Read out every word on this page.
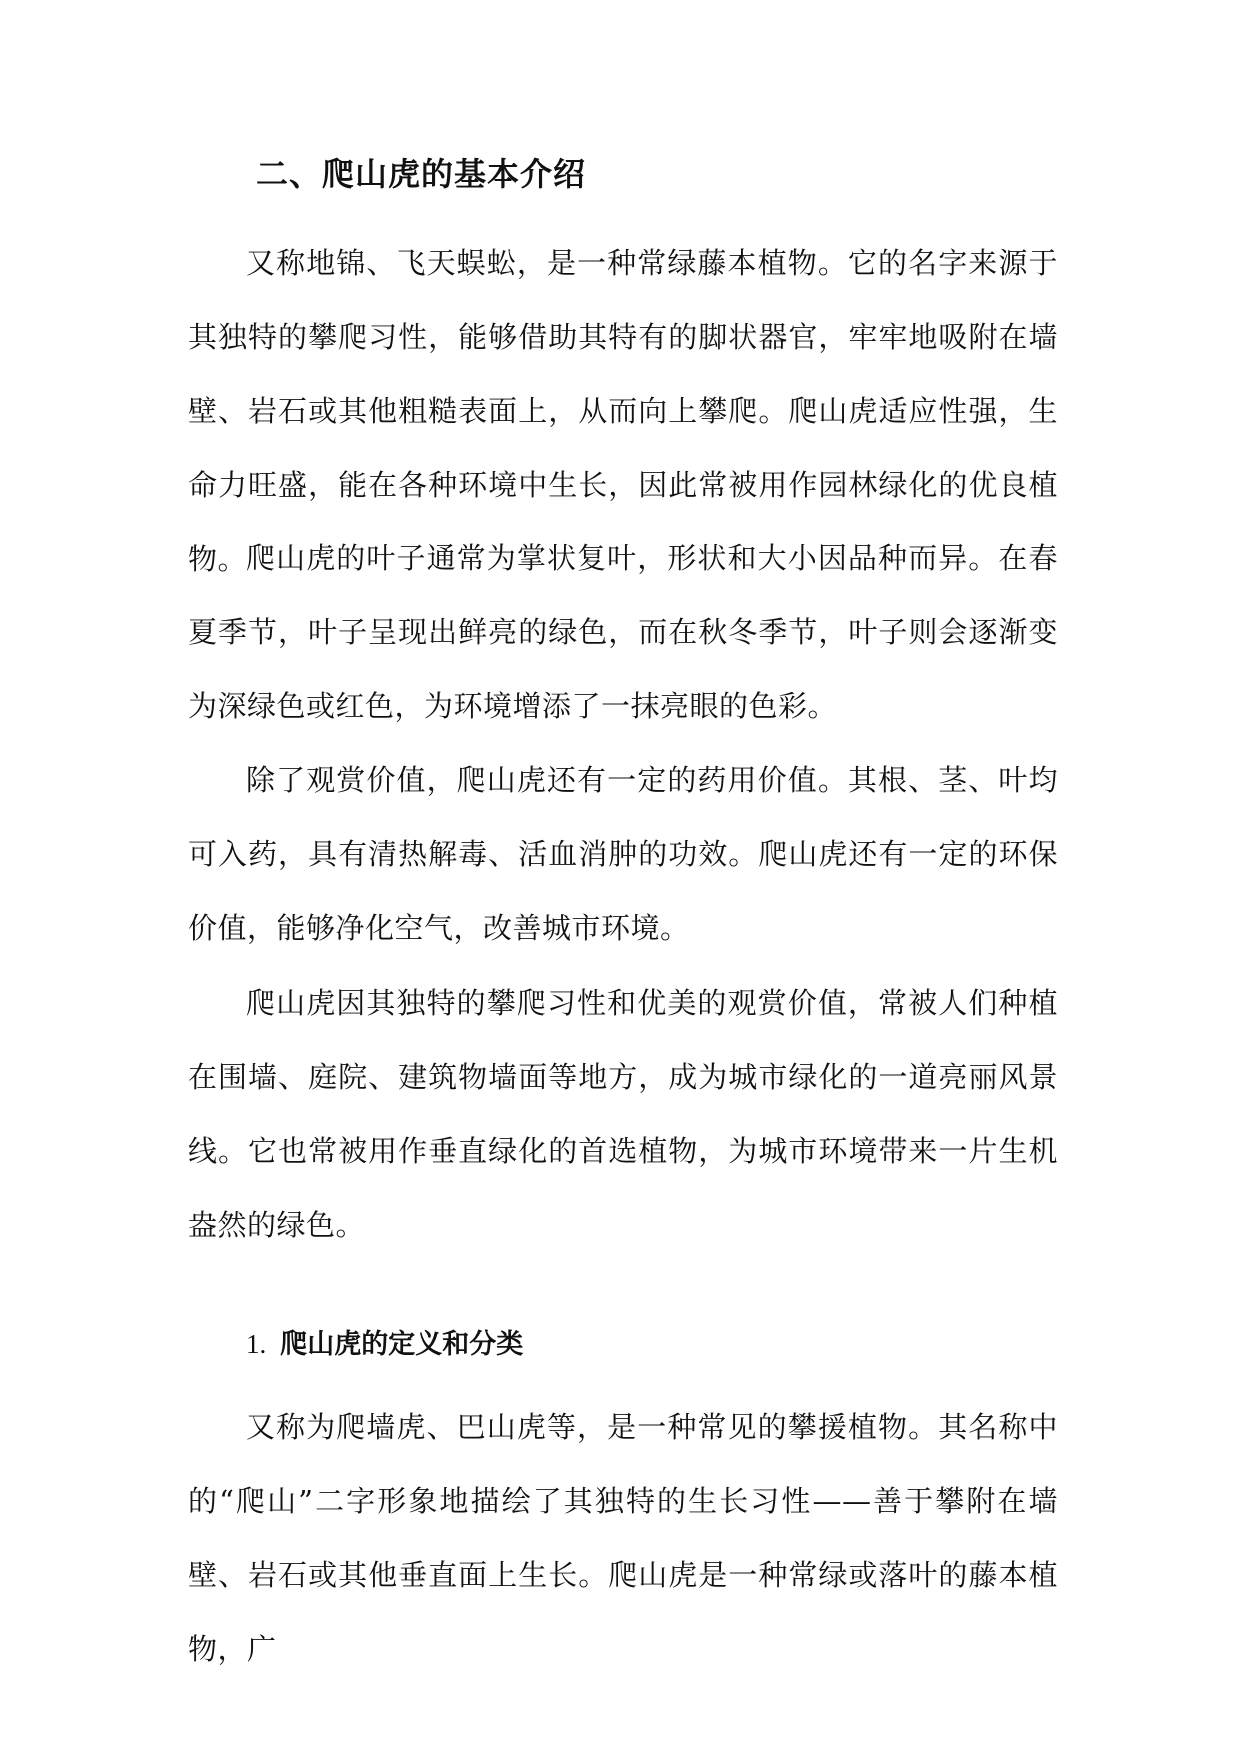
二、爬山虎的基本介绍

又称地锦、飞天蜈蚣，是一种常绿藤本植物。它的名字来源于其独特的攀爬习性，能够借助其特有的脚状器官，牢牢地吸附在墙壁、岩石或其他粗糙表面上，从而向上攀爬。爬山虎适应性强，生命力旺盛，能在各种环境中生长，因此常被用作园林绿化的优良植物。

爬山虎的叶子通常为掌状复叶，形状和大小因品种而异。在春夏季节，叶子呈现出鲜亮的绿色，而在秋冬季节，叶子则会逐渐变为深绿色或红色，为环境增添了一抹亮眼的色彩。

除了观赏价值，爬山虎还有一定的药用价值。其根、茎、叶均可入药，具有清热解毒、活血消肿的功效。爬山虎还有一定的环保价值，能够净化空气，改善城市环境。

爬山虎因其独特的攀爬习性和优美的观赏价值，常被人们种植在围墙、庭院、建筑物墙面等地方，成为城市绿化的一道亮丽风景线。它也常被用作垂直绿化的首选植物，为城市环境带来一片生机盎然的绿色。

1. 爬山虎的定义和分类

又称为爬墙虎、巴山虎等，是一种常见的攀援植物。其名称中的“爬山”二字形象地描绘了其独特的生长习性——善于攀附在墙壁、岩石或其他垂直面上生长。爬山虎是一种常绿或落叶的藤本植物，广
